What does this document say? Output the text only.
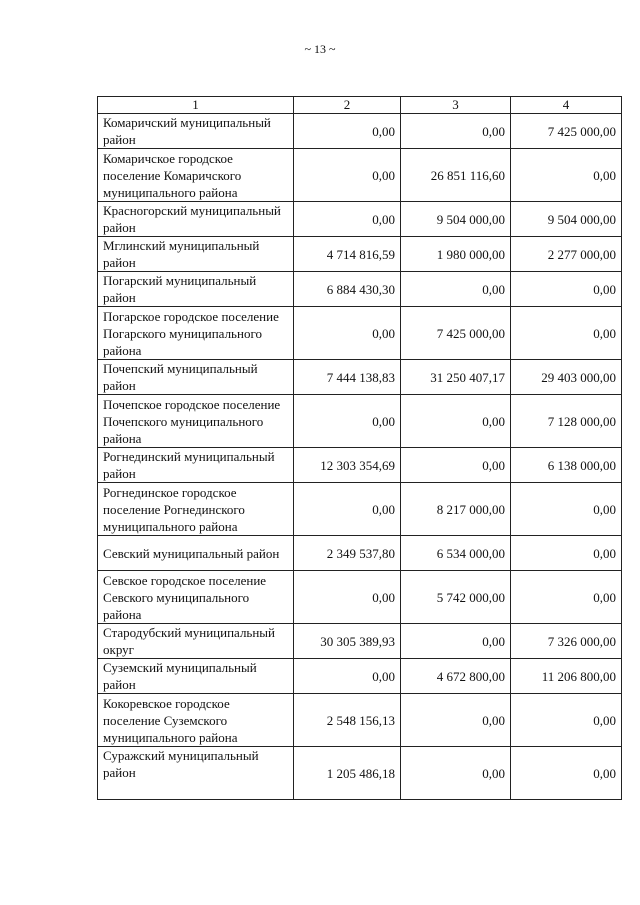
~ 13 ~
1	2	3	4
Комаричский муниципальный район	0,00	0,00	7 425 000,00
Комаричское городское поселение Комаричского муниципального района	0,00	26 851 116,60	0,00
Красногорский муниципальный район	0,00	9 504 000,00	9 504 000,00
Мглинский муниципальный район	4 714 816,59	1 980 000,00	2 277 000,00
Погарский муниципальный район	6 884 430,30	0,00	0,00
Погарское городское поселение Погарского муниципального района	0,00	7 425 000,00	0,00
Почепский муниципальный район	7 444 138,83	31 250 407,17	29 403 000,00
Почепское городское поселение Почепского муниципального района	0,00	0,00	7 128 000,00
Рогнединский муниципальный район	12 303 354,69	0,00	6 138 000,00
Рогнединское городское поселение Рогнединского муниципального района	0,00	8 217 000,00	0,00
Севский муниципальный район	2 349 537,80	6 534 000,00	0,00
Севское городское поселение Севского муниципального района	0,00	5 742 000,00	0,00
Стародубский муниципальный округ	30 305 389,93	0,00	7 326 000,00
Суземский муниципальный район	0,00	4 672 800,00	11 206 800,00
Кокоревское городское поселение Суземского муниципального района	2 548 156,13	0,00	0,00
Суражский муниципальный район	1 205 486,18	0,00	0,00
